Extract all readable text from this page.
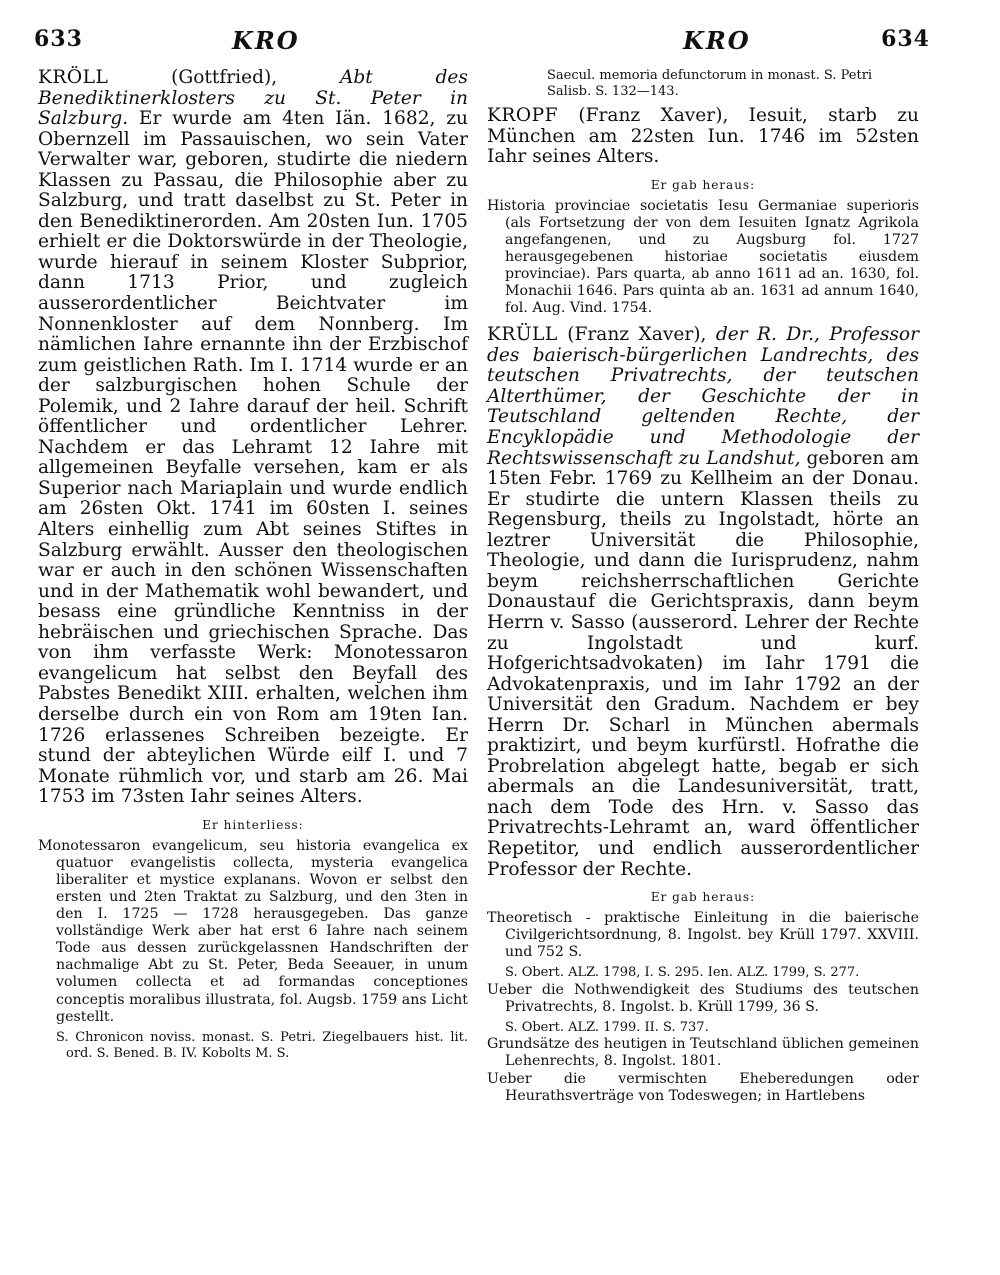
633	KRO	KRO	634

KRÖLL	(Gottfried),	Abt des Benediktinerklosters zu St. Peter in Salzburg. Er wurde am 4ten Iän. 1682, zu Obernzell im Passauischen, wo sein Vater Verwalter war, geboren, studirte die niedern Klassen zu Passau, die Philosophie aber zu Salzburg, und tratt daselbst zu St. Peter in den Benediktinerorden. Am 20sten Iun. 1705 erhielt er die Doktorswürde in der Theologie, wurde hierauf in seinem Kloster Subprior, dann 1713 Prior, und zugleich ausserordentlicher Beichtvater im Nonnenkloster auf dem Nonnberg. Im nämlichen Iahre ernannte ihn der Erzbischof zum geistlichen Rath. Im I. 1714 wurde er an der salzburgischen hohen Schule der Polemik, und 2 Iahre darauf der heil. Schrift öffentlicher und ordentlicher Lehrer. Nachdem er das Lehramt 12 Iahre mit allgemeinen Beyfalle versehen, kam er als Superior nach Mariaplain und wurde endlich am 26sten Okt. 1741 im 60sten I. seines Alters einhellig zum Abt seines Stiftes in Salzburg erwählt. Ausser den theologischen war er auch in den schönen Wissenschaften und in der Mathematik wohl bewandert, und besass eine gründliche Kenntniss in der hebräischen und griechischen Sprache. Das von ihm verfasste Werk: Monotessaron evangelicum hat selbst den Beyfall des Pabstes Benedikt XIII. erhalten, welchen ihm derselbe durch ein von Rom am 19ten Ian. 1726 erlassenes Schreiben bezeigte. Er stund der abteylichen Würde eilf I. und 7 Monate rühmlich vor, und starb am 26. Mai 1753 im 73sten Iahr seines Alters.

Er hinterliess:

Monotessaron evangelicum, seu historia evangelica ex quatuor evangelistis collecta, mysteria evangelica liberaliter et mystice explanans. Wovon er selbst den ersten und 2ten Traktat zu Salzburg, und den 3ten in den I. 1725 — 1728 herausgegeben. Das ganze vollständige Werk aber hat erst 6 Iahre nach seinem Tode aus dessen zurückgelassnen Handschriften der nachmalige Abt zu St. Peter, Beda Seeauer, in unum volumen collecta et ad formandas conceptiones conceptis moralibus illustrata, fol. Augsb. 1759 ans Licht gestellt.

S. Chronicon noviss. monast. S. Petri. Ziegelbauers hist. lit. ord. S. Bened. B. IV. Kobolts M. S.

Saecul. memoria defunctorum in monast. S. Petri Salisb. S. 132—143.

KROPF (Franz Xaver), Iesuit, starb zu München am 22sten Iun. 1746 im 52sten Iahr seines Alters.

Er gab heraus:

Historia provinciae societatis Iesu Germaniae superioris (als Fortsetzung der von dem Iesuiten Ignatz Agrikola angefangenen, und zu Augsburg fol. 1727 herausgegebenen historiae societatis eiusdem provinciae). Pars quarta, ab anno 1611 ad an. 1630, fol. Monachii 1646. Pars quinta ab an. 1631 ad annum 1640, fol. Aug. Vind. 1754.

KRÜLL (Franz Xaver), der R. Dr., Professor des baierisch-bürgerlichen Landrechts, des teutschen Privatrechts, der teutschen Alterthümer, der Geschichte der in Teutschland geltenden Rechte, der Encyklopädie und Methodologie der Rechtswissenschaft zu Landshut, geboren am 15ten Febr. 1769 zu Kellheim an der Donau. Er studirte die untern Klassen theils zu Regensburg, theils zu Ingolstadt, hörte an leztrer Universität die Philosophie, Theologie, und dann die Iurisprudenz, nahm beym reichsherrschaftlichen Gerichte Donaustauf die Gerichtspraxis, dann beym Herrn v. Sasso (ausserord. Lehrer der Rechte zu Ingolstadt und kurf. Hofgerichtsadvokaten) im Iahr 1791 die Advokatenpraxis, und im Iahr 1792 an der Universität den Gradum. Nachdem er bey Herrn Dr. Scharl in München abermals praktizirt, und beym kurfürstl. Hofrathe die Probrelation abgelegt hatte, begab er sich abermals an die Landesuniversität, tratt, nach dem Tode des Hrn. v. Sasso das Privatrechts-Lehramt an, ward öffentlicher Repetitor, und endlich ausserordentlicher Professor der Rechte.

Er gab heraus:

Theoretisch - praktische Einleitung in die baierische Civilgerichtsordnung, 8. Ingolst. bey Krüll 1797. XXVIII. und 752 S.

S. Obert. ALZ. 1798, I. S. 295. Ien. ALZ. 1799, S. 277.

Ueber die Nothwendigkeit des Studiums des teutschen Privatrechts, 8. Ingolst. b. Krüll 1799, 36 S.

S. Obert. ALZ. 1799. II. S. 737.

Grundsätze des heutigen in Teutschland üblichen gemeinen Lehenrechts, 8. Ingolst. 1801.

Ueber die vermischten Eheberedungen oder Heurathsverträge von Todeswegen; in Hartlebens
